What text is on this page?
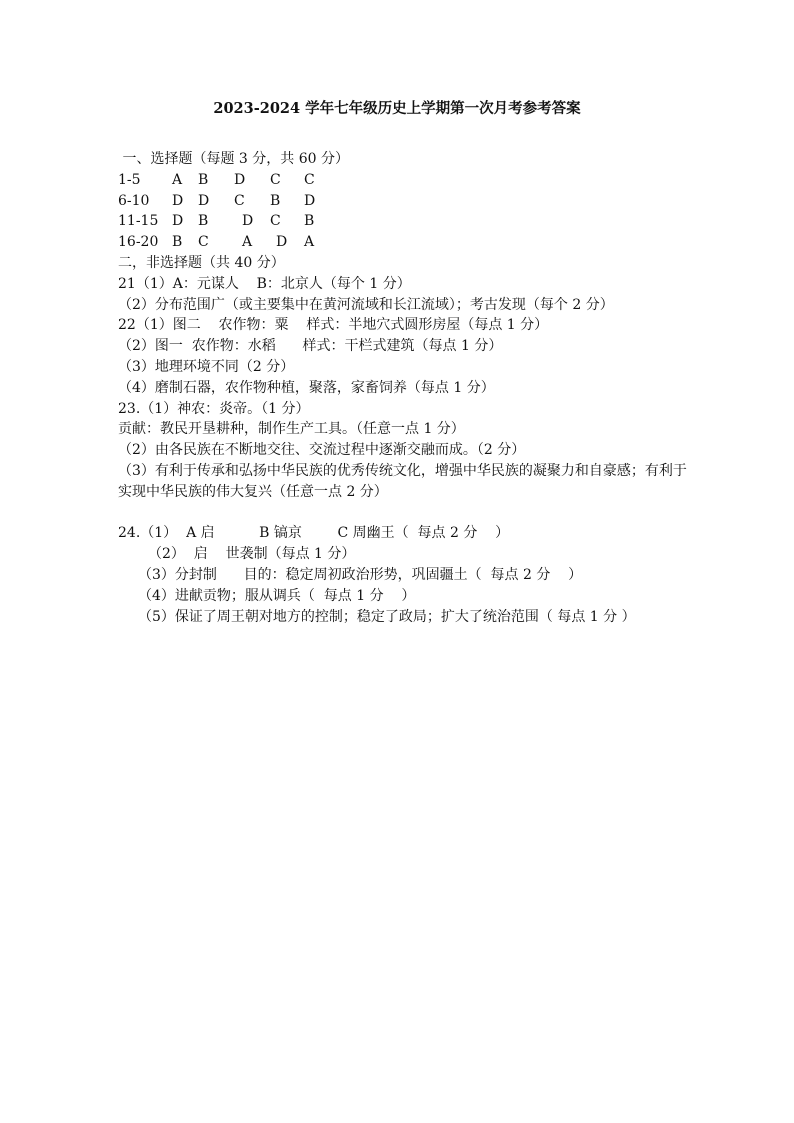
2023-2024 学年七年级历史上学期第一次月考参考答案
一、选择题（每题 3 分，共 60 分）
1-5	A	B	D	C	C
6-10	D	D	C	B	D
11-15 D	B	D	C	B
16-20 B	C	A	D	A
二，非选择题（共 40 分）
21（1）A：元谋人    B：北京人（每个 1 分）
（2）分布范围广（或主要集中在黄河流域和长江流域）；考古发现（每个 2 分）
22（1）图二    农作物：粟    样式：半地穴式圆形房屋（每点 1 分）
（2）图一  农作物：水稻      样式：干栏式建筑（每点 1 分）
（3）地理环境不同（2 分）
（4）磨制石器，农作物种植，聚落，家畜饲养（每点 1 分）
23.（1）神农：炎帝。（1 分）
贡献：教民开垦耕种，制作生产工具。（任意一点 1 分）
（2）由各民族在不断地交往、交流过程中逐渐交融而成。（2 分）
（3）有利于传承和弘扬中华民族的优秀传统文化，增强中华民族的凝聚力和自豪感；有利于实现中华民族的伟大复兴（任意一点 2 分）
24.（1）  A 启          B 镐京        C 周幽王（  每点 2 分    ）
（2）  启    世袭制（每点 1 分）
（3）分封制      目的：稳定周初政治形势，巩固疆土（  每点 2 分    ）
（4）进献贡物；服从调兵（  每点 1 分    ）
（5）保证了周王朝对地方的控制；稳定了政局；扩大了统治范围（ 每点 1 分 ）
